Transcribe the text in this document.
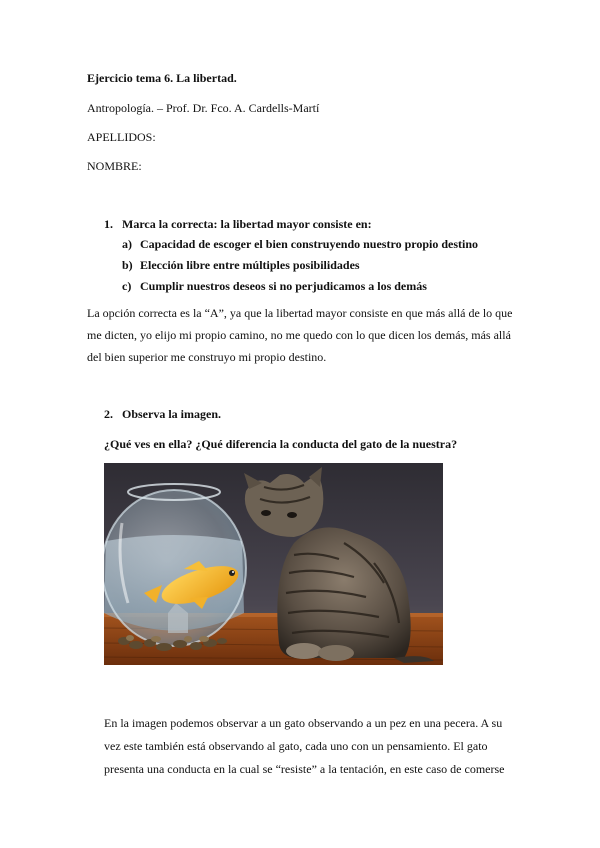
Ejercicio tema 6. La libertad.
Antropología. – Prof. Dr. Fco. A. Cardells-Martí
APELLIDOS:
NOMBRE:
1. Marca la correcta: la libertad mayor consiste en:
a) Capacidad de escoger el bien construyendo nuestro propio destino
b) Elección libre entre múltiples posibilidades
c) Cumplir nuestros deseos si no perjudicamos a los demás
La opción correcta es la “A”, ya que la libertad mayor consiste en que más allá de lo que
me dicten, yo elijo mi propio camino, no me quedo con lo que dicen los demás, más allá
del bien superior me construyo mi propio destino.
2. Observa la imagen.
¿Qué ves en ella? ¿Qué diferencia la conducta del gato de la nuestra?
En la imagen podemos observar a un gato observando a un pez en una pecera. A su
vez este también está observando al gato, cada uno con un pensamiento. El gato
presenta una conducta en la cual se “resiste” a la tentación, en este caso de comerse
